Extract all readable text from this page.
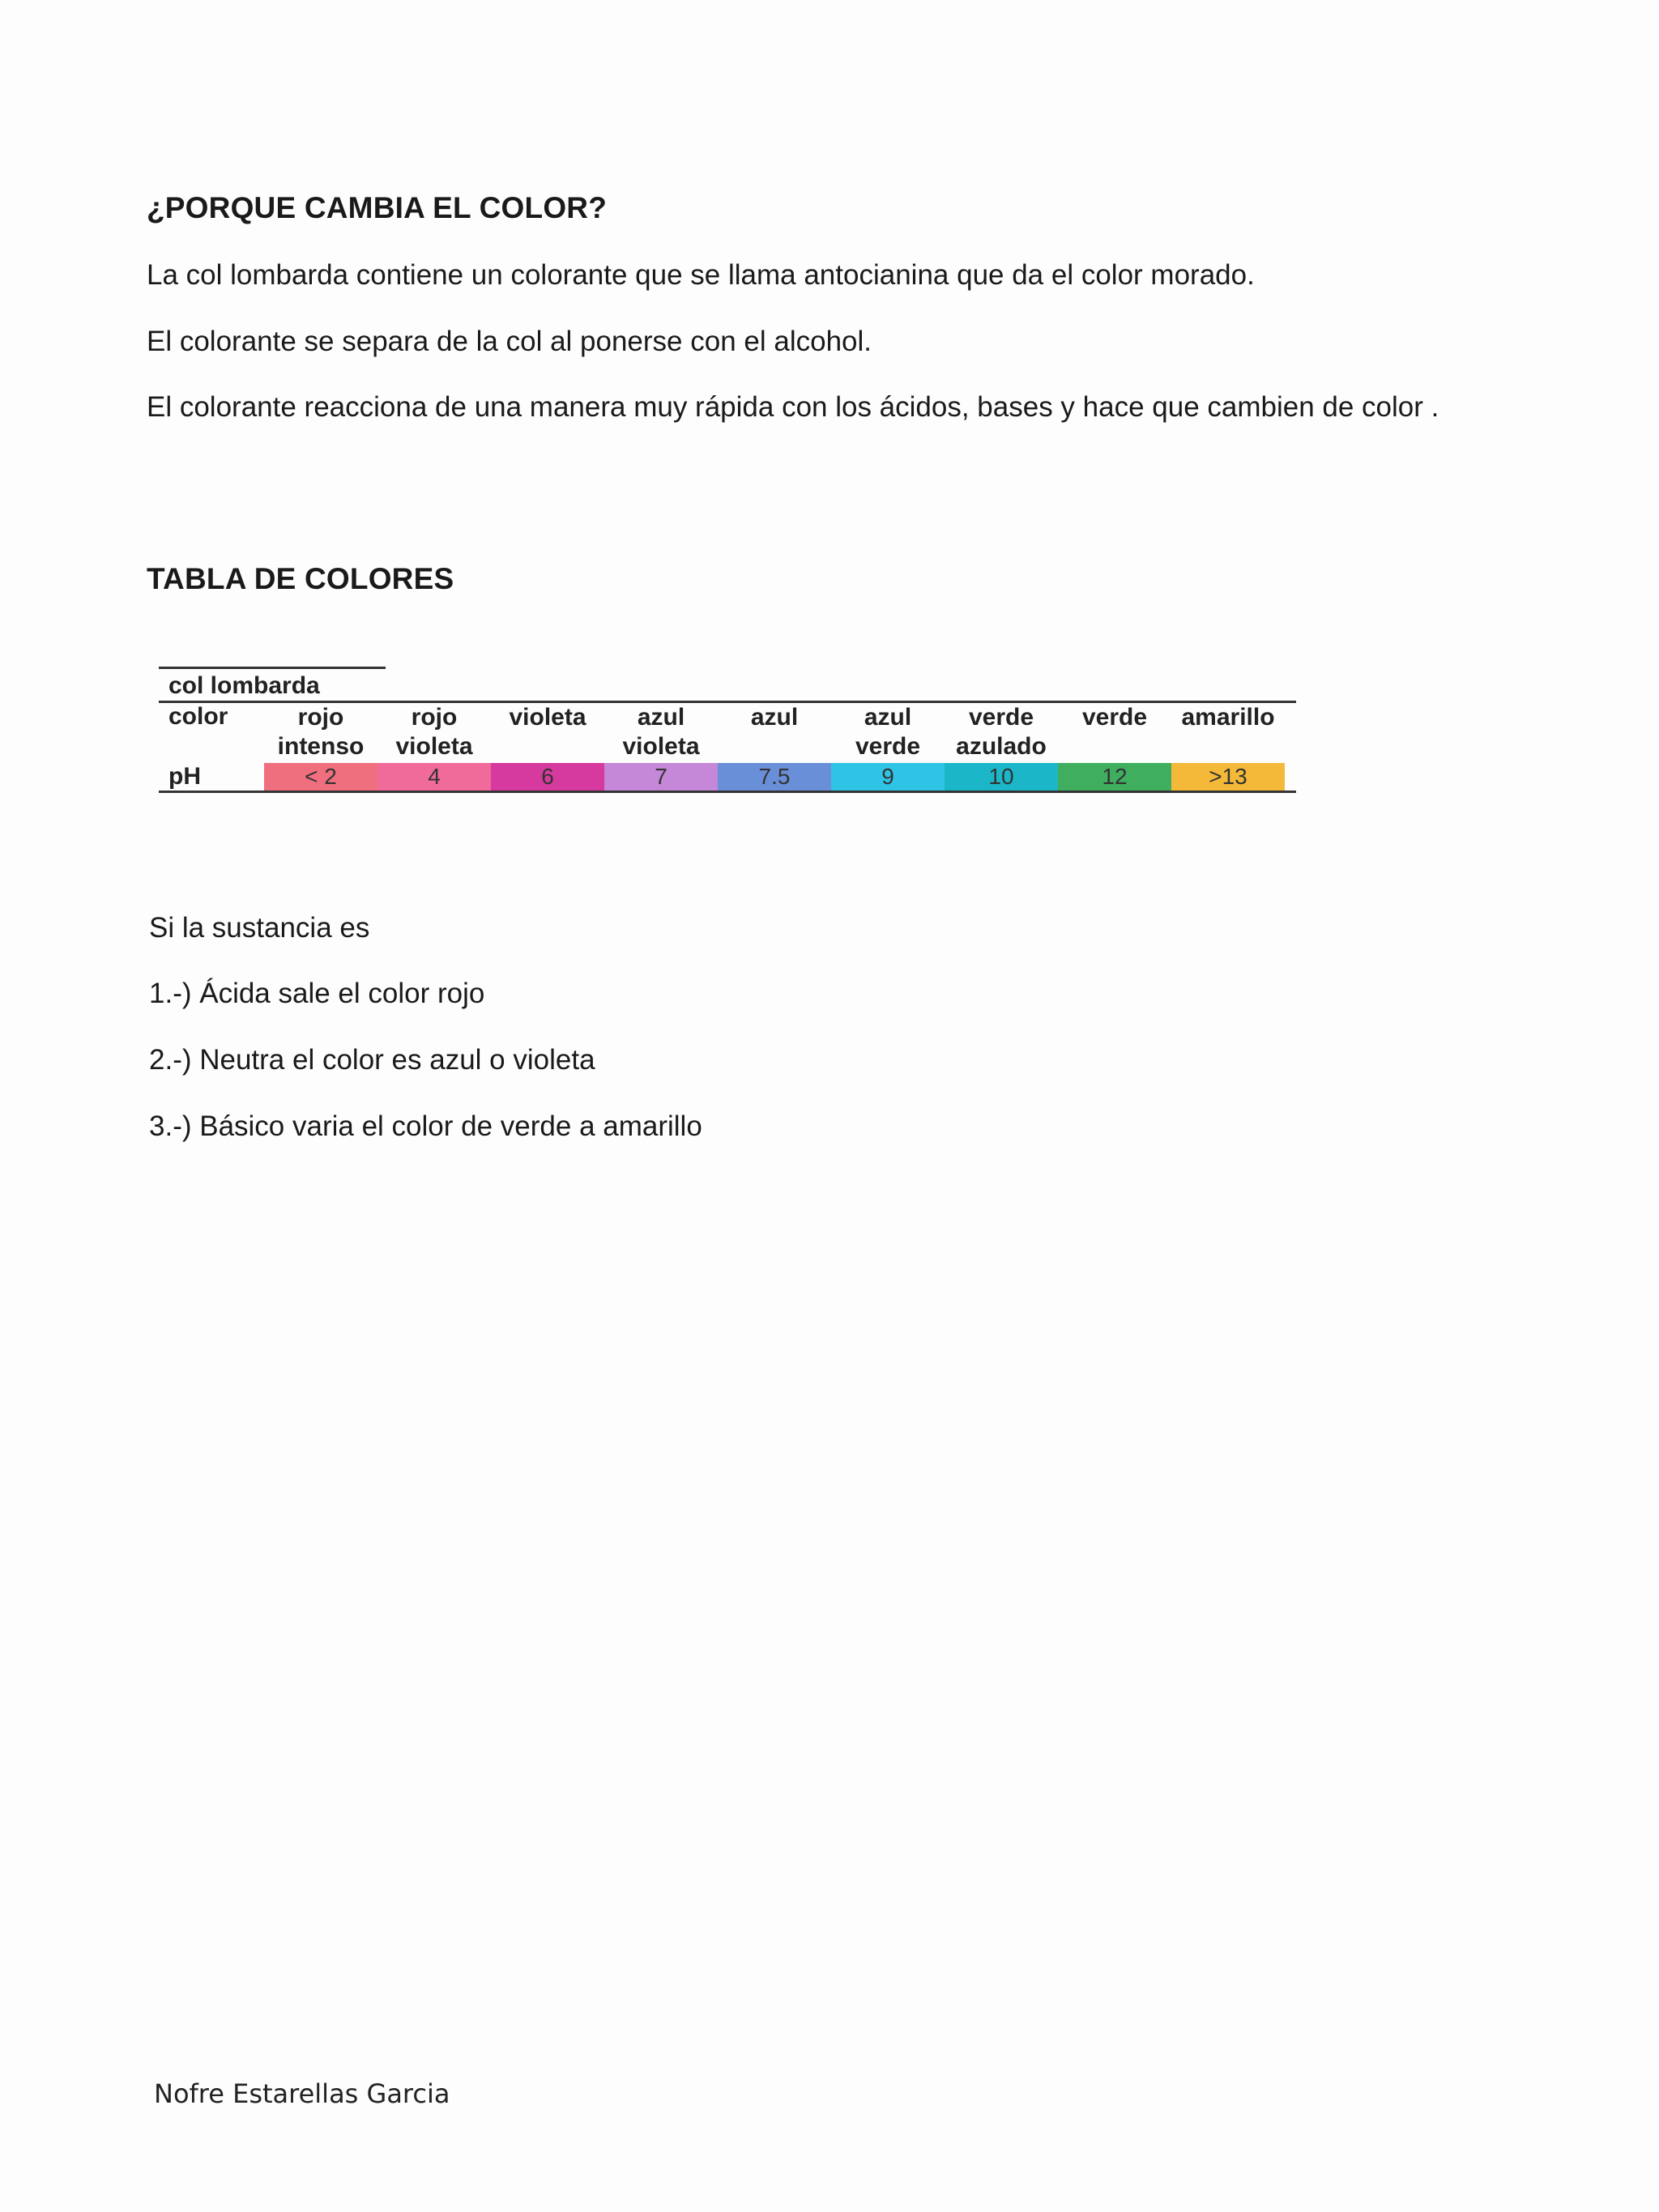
¿PORQUE CAMBIA EL COLOR?

La col lombarda contiene un colorante que se llama antocianina que da el color morado.

El colorante se separa de la col al ponerse con el alcohol.

El colorante reacciona de una manera muy rápida con los ácidos, bases y hace que cambien de color .

TABLA DE COLORES
col lombarda
color
pH
rojo
intenso
< 2
rojo
violeta
4
violeta
6
azul
violeta
7
azul
7.5
azul
verde
9
verde
azulado
10
verde
12
amarillo
>13

Si la sustancia es

1.-) Ácida sale el color rojo

2.-) Neutra el color es azul o violeta

3.-) Básico varia el color de verde a amarillo

Nofre Estarellas Garcia
